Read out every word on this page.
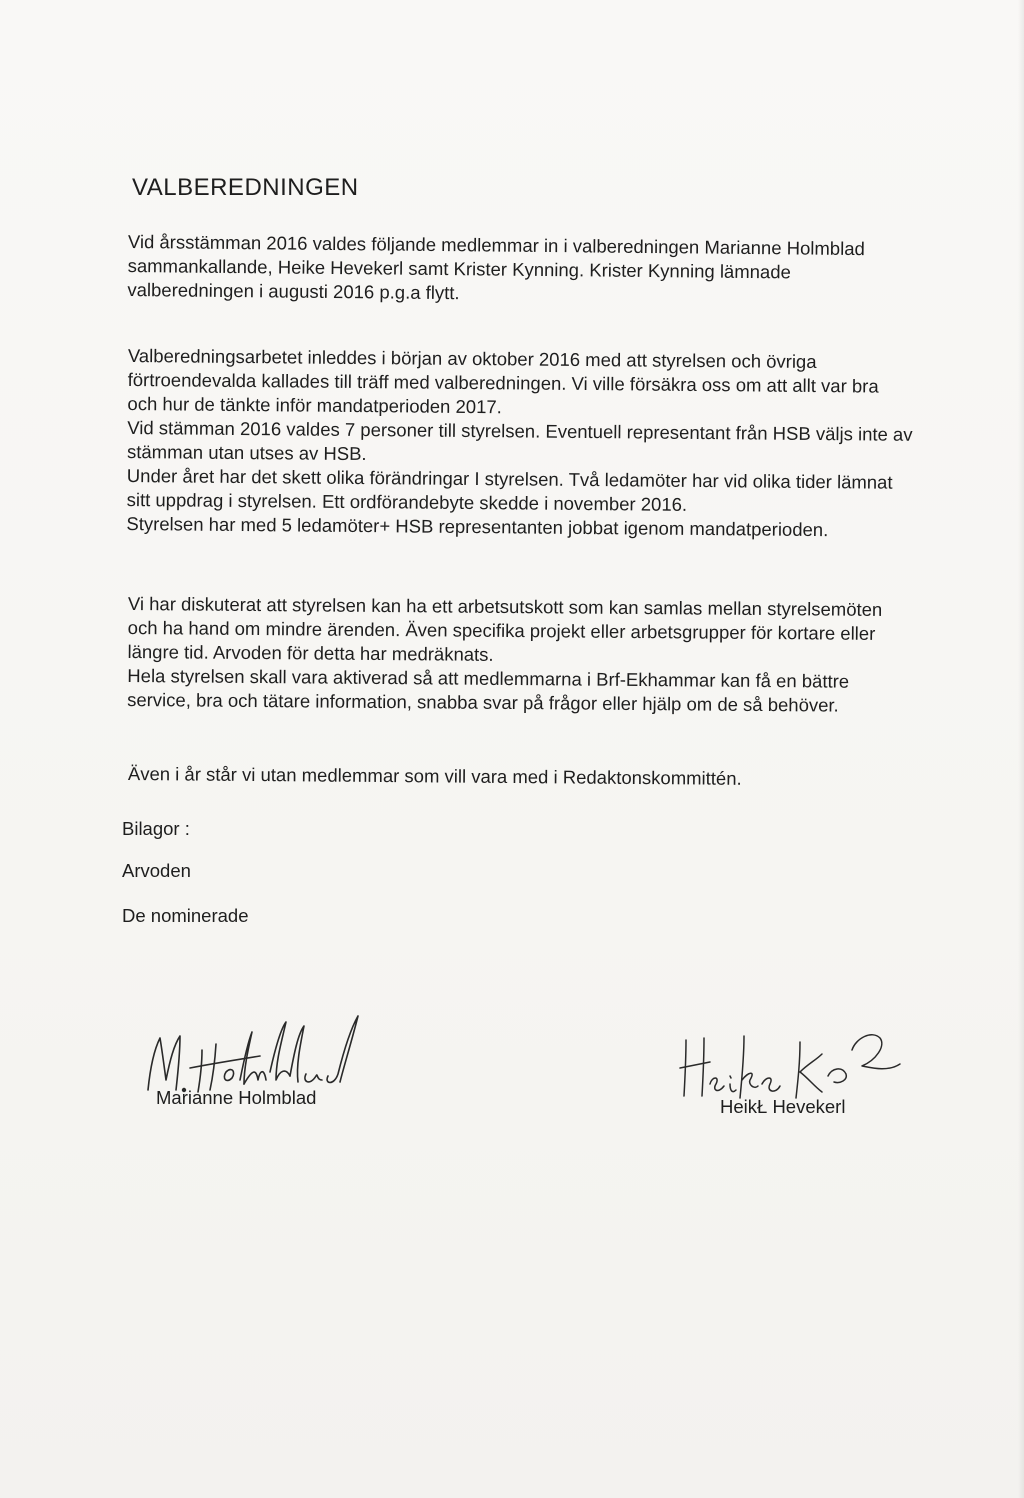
VALBEREDNINGEN

Vid årsstämman 2016 valdes följande medlemmar in i valberedningen Marianne Holmblad
sammankallande, Heike Hevekerl samt Krister Kynning. Krister Kynning lämnade
valberedningen i augusti 2016 p.g.a flytt.

Valberedningsarbetet inleddes i början av oktober 2016 med att styrelsen och övriga
förtroendevalda kallades till träff med valberedningen. Vi ville försäkra oss om att allt var bra
och hur de tänkte inför mandatperioden 2017.
Vid stämman 2016 valdes 7 personer till styrelsen. Eventuell representant från HSB väljs inte av
stämman utan utses av HSB.
Under året har det skett olika förändringar I styrelsen. Två ledamöter har vid olika tider lämnat
sitt uppdrag i styrelsen. Ett ordförandebyte skedde i november 2016.
Styrelsen har med 5 ledamöter+ HSB representanten jobbat igenom mandatperioden.

Vi har diskuterat att styrelsen kan ha ett arbetsutskott som kan samlas mellan styrelsemöten
och ha hand om mindre ärenden. Även specifika projekt eller arbetsgrupper för kortare eller
längre tid. Arvoden för detta har medräknats.
Hela styrelsen skall vara aktiverad så att medlemmarna i Brf-Ekhammar kan få en bättre
service, bra och tätare information, snabba svar på frågor eller hjälp om de så behöver.

Även i år står vi utan medlemmar som vill vara med i Redaktonskommittén.

Bilagor :

Arvoden

De nominerade

Marianne Holmblad	HeikŁ Hevekerl
